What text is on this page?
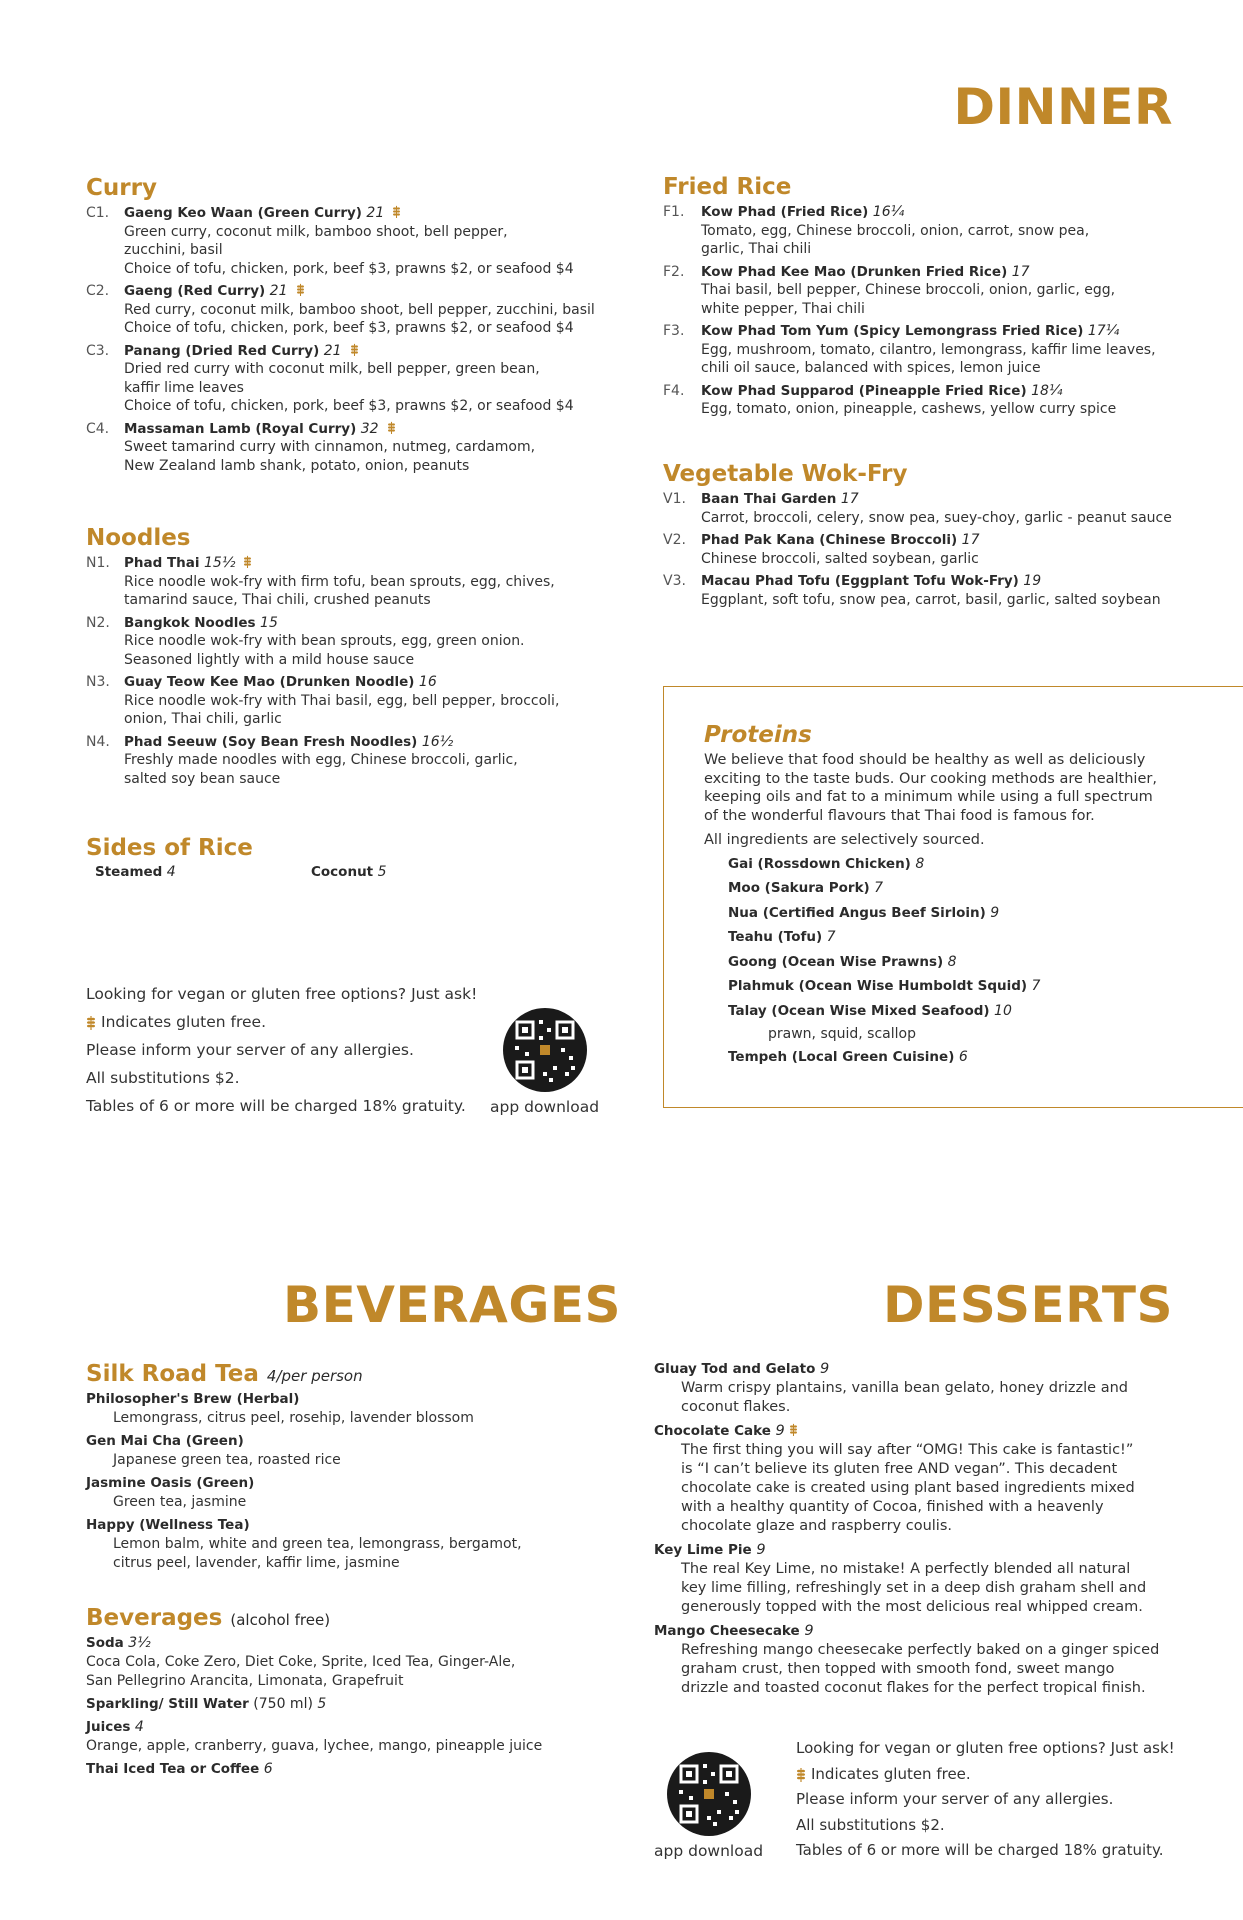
DINNER
Curry
C1. Gaeng Keo Waan (Green Curry) 21
Green curry, coconut milk, bamboo shoot, bell pepper,
zucchini, basil
Choice of tofu, chicken, pork, beef $3, prawns $2, or seafood $4
C2. Gaeng (Red Curry) 21
Red curry, coconut milk, bamboo shoot, bell pepper, zucchini, basil
Choice of tofu, chicken, pork, beef $3, prawns $2, or seafood $4
C3. Panang (Dried Red Curry) 21
Dried red curry with coconut milk, bell pepper, green bean,
kaffir lime leaves
Choice of tofu, chicken, pork, beef $3, prawns $2, or seafood $4
C4. Massaman Lamb (Royal Curry) 32
Sweet tamarind curry with cinnamon, nutmeg, cardamom,
New Zealand lamb shank, potato, onion, peanuts
Noodles
N1. Phad Thai 15½
Rice noodle wok-fry with firm tofu, bean sprouts, egg, chives,
tamarind sauce, Thai chili, crushed peanuts
N2. Bangkok Noodles 15
Rice noodle wok-fry with bean sprouts, egg, green onion.
Seasoned lightly with a mild house sauce
N3. Guay Teow Kee Mao (Drunken Noodle) 16
Rice noodle wok-fry with Thai basil, egg, bell pepper, broccoli,
onion, Thai chili, garlic
N4. Phad Seeuw (Soy Bean Fresh Noodles) 16½
Freshly made noodles with egg, Chinese broccoli, garlic,
salted soy bean sauce
Sides of Rice
Steamed 4	Coconut 5
Looking for vegan or gluten free options? Just ask!
Indicates gluten free.
Please inform your server of any allergies.
All substitutions $2.
Tables of 6 or more will be charged 18% gratuity.	app download
Fried Rice
F1. Kow Phad (Fried Rice) 16¼
Tomato, egg, Chinese broccoli, onion, carrot, snow pea,
garlic, Thai chili
F2. Kow Phad Kee Mao (Drunken Fried Rice) 17
Thai basil, bell pepper, Chinese broccoli, onion, garlic, egg,
white pepper, Thai chili
F3. Kow Phad Tom Yum (Spicy Lemongrass Fried Rice) 17¼
Egg, mushroom, tomato, cilantro, lemongrass, kaffir lime leaves,
chili oil sauce, balanced with spices, lemon juice
F4. Kow Phad Supparod (Pineapple Fried Rice) 18¼
Egg, tomato, onion, pineapple, cashews, yellow curry spice
Vegetable Wok-Fry
V1. Baan Thai Garden 17
Carrot, broccoli, celery, snow pea, suey-choy, garlic - peanut sauce
V2. Phad Pak Kana (Chinese Broccoli) 17
Chinese broccoli, salted soybean, garlic
V3. Macau Phad Tofu (Eggplant Tofu Wok-Fry) 19
Eggplant, soft tofu, snow pea, carrot, basil, garlic, salted soybean
Proteins
We believe that food should be healthy as well as deliciously
exciting to the taste buds. Our cooking methods are healthier,
keeping oils and fat to a minimum while using a full spectrum
of the wonderful flavours that Thai food is famous for.
All ingredients are selectively sourced.
Gai (Rossdown Chicken) 8
Moo (Sakura Pork) 7
Nua (Certified Angus Beef Sirloin) 9
Teahu (Tofu) 7
Goong (Ocean Wise Prawns) 8
Plahmuk (Ocean Wise Humboldt Squid) 7
Talay (Ocean Wise Mixed Seafood) 10
prawn, squid, scallop
Tempeh (Local Green Cuisine) 6
BEVERAGES
Silk Road Tea 4/per person
Philosopher's Brew (Herbal)
Lemongrass, citrus peel, rosehip, lavender blossom
Gen Mai Cha (Green)
Japanese green tea, roasted rice
Jasmine Oasis (Green)
Green tea, jasmine
Happy (Wellness Tea)
Lemon balm, white and green tea, lemongrass, bergamot,
citrus peel, lavender, kaffir lime, jasmine
Beverages (alcohol free)
Soda 3½
Coca Cola, Coke Zero, Diet Coke, Sprite, Iced Tea, Ginger-Ale,
San Pellegrino Arancita, Limonata, Grapefruit
Sparkling/ Still Water (750 ml) 5
Juices 4
Orange, apple, cranberry, guava, lychee, mango, pineapple juice
Thai Iced Tea or Coffee 6
DESSERTS
Gluay Tod and Gelato 9
Warm crispy plantains, vanilla bean gelato, honey drizzle and
coconut flakes.
Chocolate Cake 9
The first thing you will say after “OMG! This cake is fantastic!”
is “I can’t believe its gluten free AND vegan”. This decadent
chocolate cake is created using plant based ingredients mixed
with a healthy quantity of Cocoa, finished with a heavenly
chocolate glaze and raspberry coulis.
Key Lime Pie 9
The real Key Lime, no mistake! A perfectly blended all natural
key lime filling, refreshingly set in a deep dish graham shell and
generously topped with the most delicious real whipped cream.
Mango Cheesecake 9
Refreshing mango cheesecake perfectly baked on a ginger spiced
graham crust, then topped with smooth fond, sweet mango
drizzle and toasted coconut flakes for the perfect tropical finish.
app download
Looking for vegan or gluten free options? Just ask!
Indicates gluten free.
Please inform your server of any allergies.
All substitutions $2.
Tables of 6 or more will be charged 18% gratuity.
